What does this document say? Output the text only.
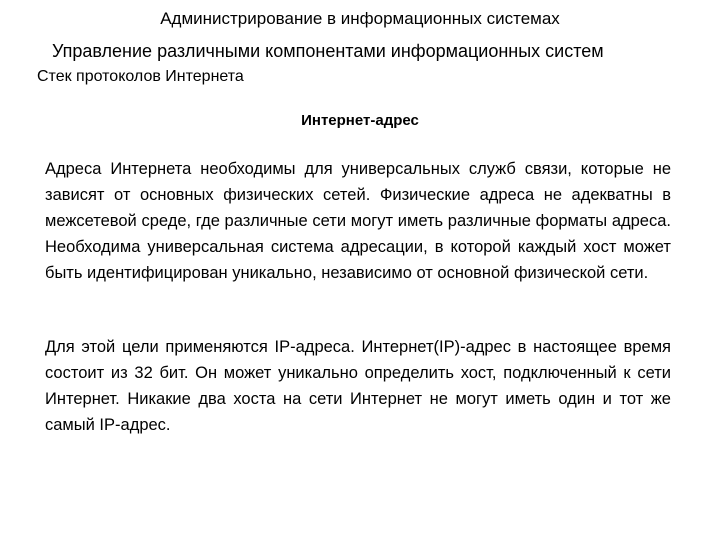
Администрирование в информационных системах
Управление различными компонентами информационных систем
Стек протоколов Интернета
Интернет-адрес

Адреса Интернета необходимы для универсальных служб связи, которые не зависят от основных физических сетей. Физические адреса не адекватны в межсетевой среде, где различные сети могут иметь различные форматы адреса. Необходима универсальная система адресации, в которой каждый хост может быть идентифицирован уникально, независимо от основной физической сети.

Для этой цели применяются IP-адреса. Интернет(IP)-адрес в настоящее время состоит из 32 бит. Он может уникально определить хост, подключенный к сети Интернет. Никакие два хоста на сети Интернет не могут иметь один и тот же самый IP-адрес.
